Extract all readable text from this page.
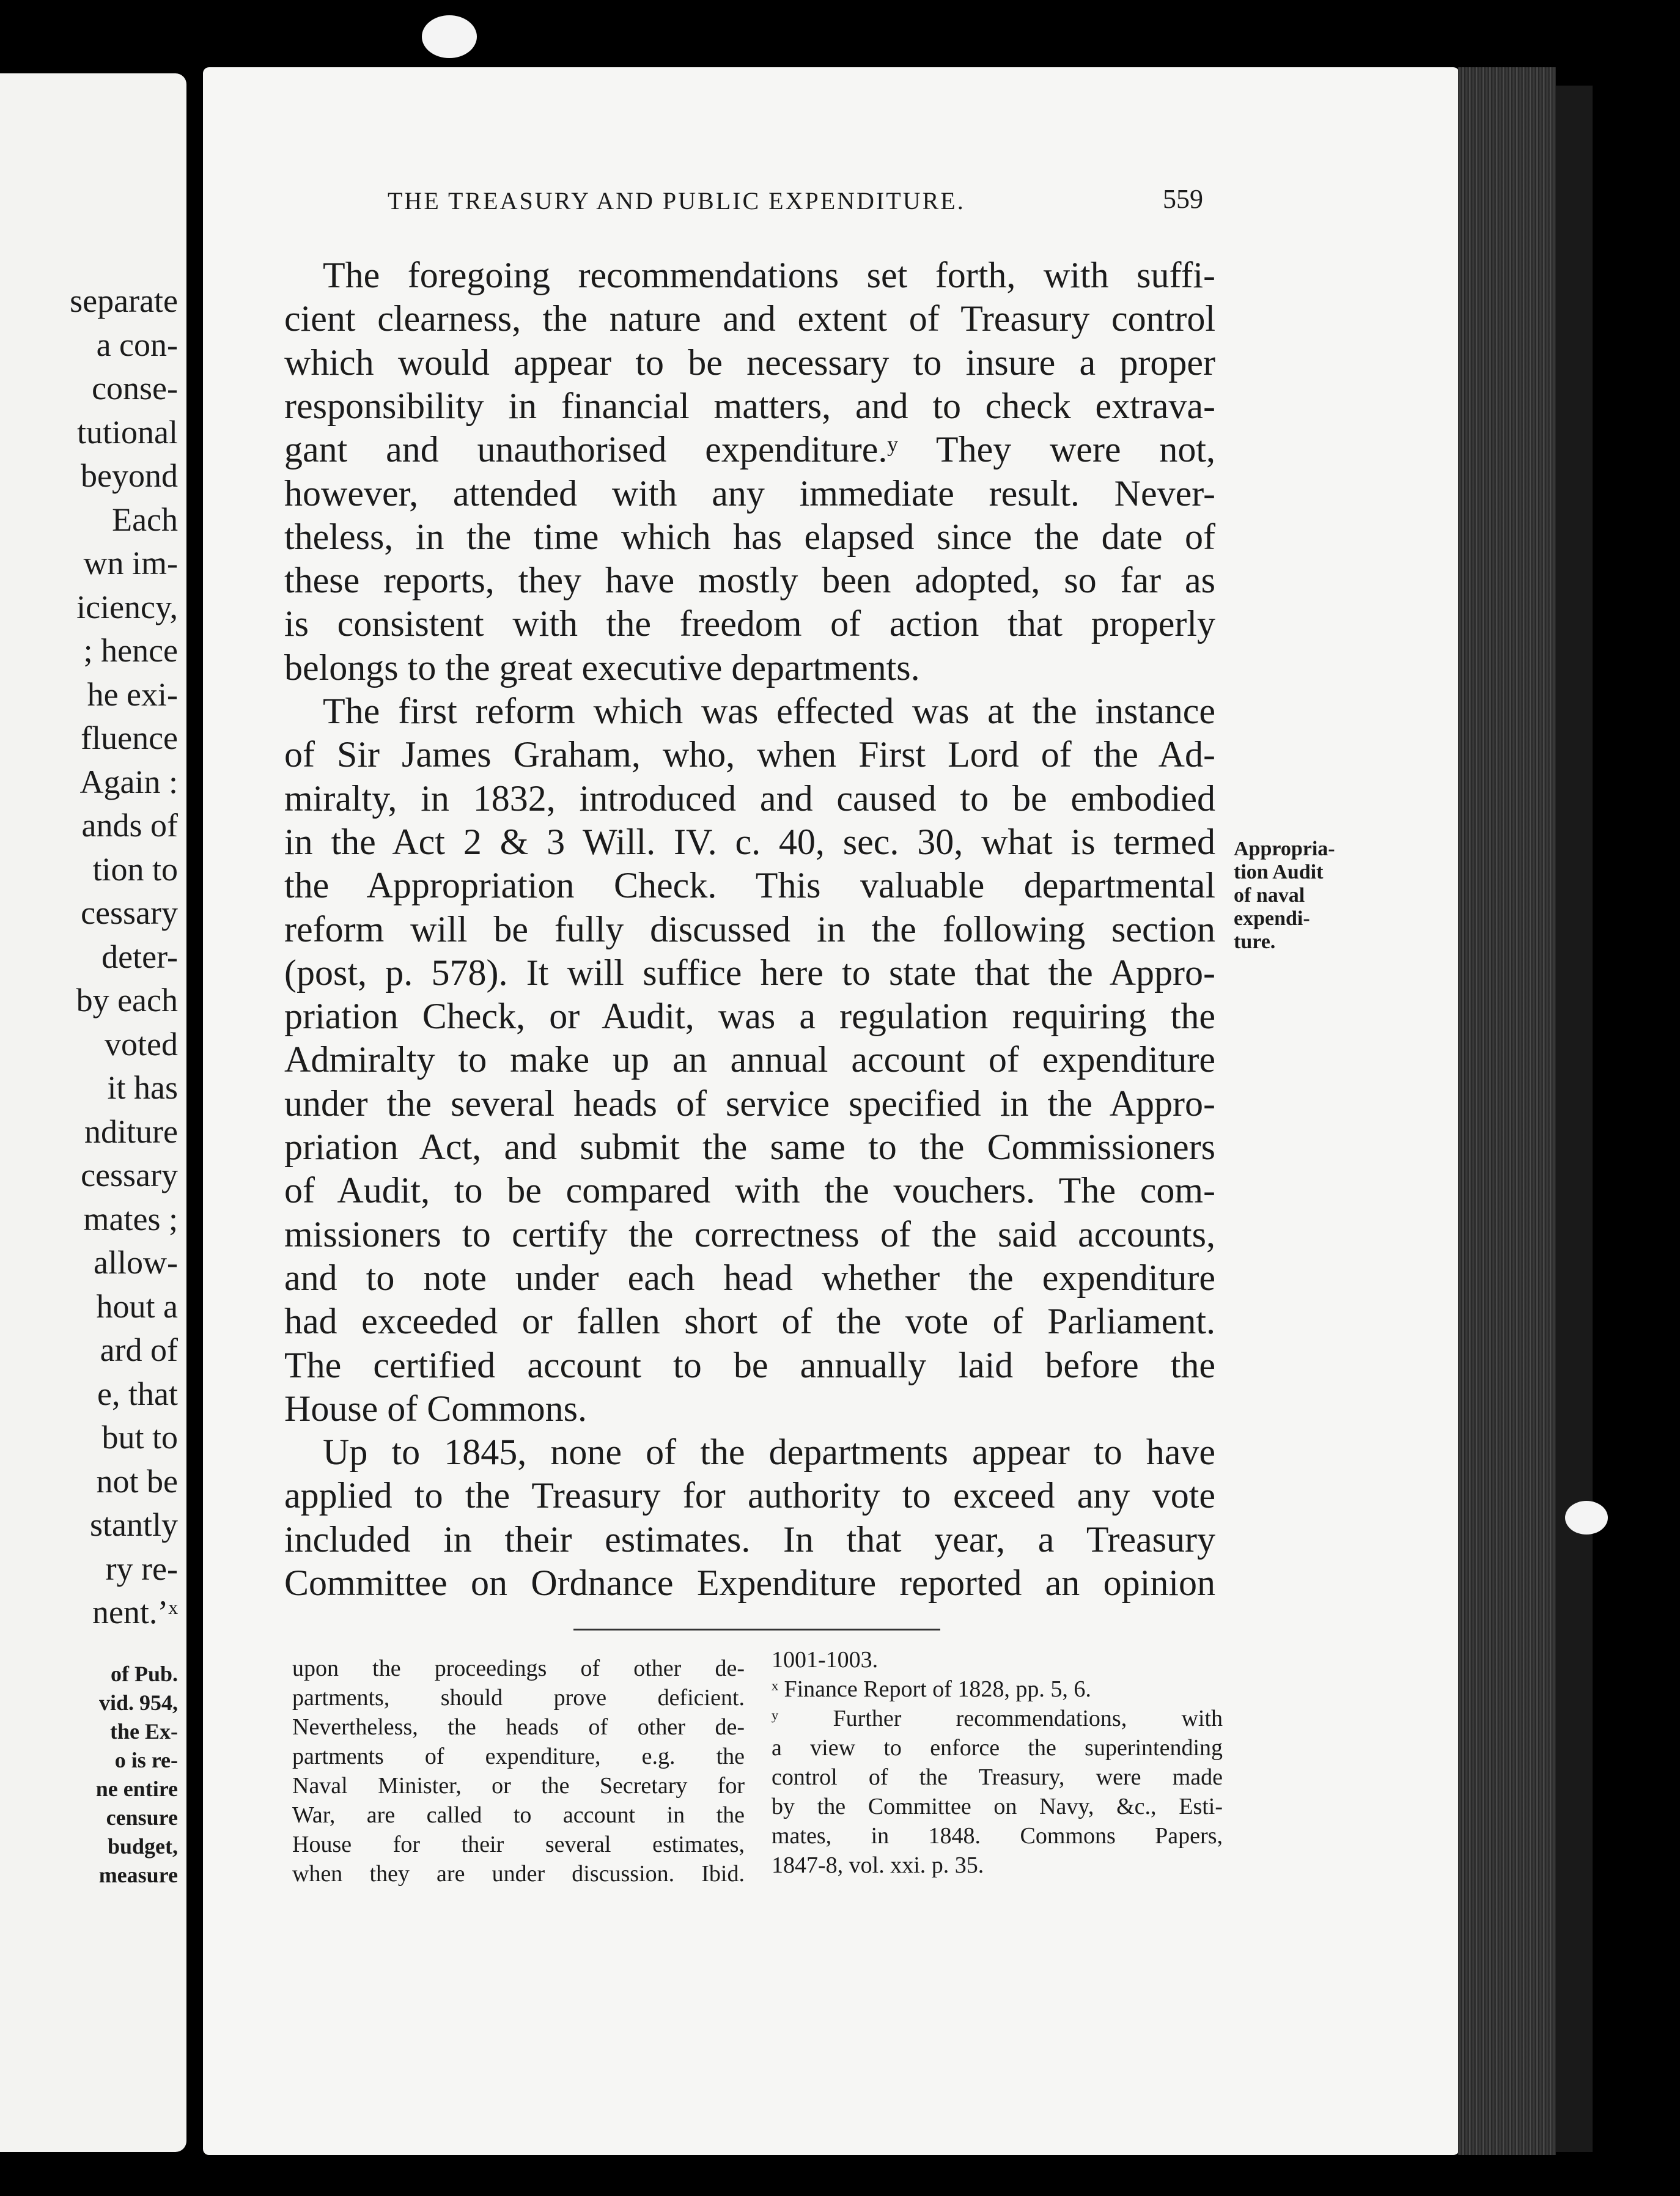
separate
a con-
conse-
tutional
beyond
Each
wn im-
iciency,
; hence
he exi-
fluence
Again :
ands of
tion to
cessary
deter-
by each
voted
it has
nditure
cessary
mates ;
allow-
hout a
ard of
e, that
but to
not be
stantly
ry re-
nent.’ˣ
of Pub.
vid. 954,
the Ex-
o is re-
ne entire
censure
budget,
measure
THE TREASURY AND PUBLIC EXPENDITURE.	559
The foregoing recommendations set forth, with suffi-
cient clearness, the nature and extent of Treasury control
which would appear to be necessary to insure a proper
responsibility in financial matters, and to check extrava-
gant and unauthorised expenditure.ʸ They were not,
however, attended with any immediate result. Never-
theless, in the time which has elapsed since the date of
these reports, they have mostly been adopted, so far as
is consistent with the freedom of action that properly
belongs to the great executive departments.
The first reform which was effected was at the instance
of Sir James Graham, who, when First Lord of the Ad-
miralty, in 1832, introduced and caused to be embodied
in the Act 2 & 3 Will. IV. c. 40, sec. 30, what is termed
the Appropriation Check. This valuable departmental
reform will be fully discussed in the following section
(post, p. 578). It will suffice here to state that the Appro-
priation Check, or Audit, was a regulation requiring the
Admiralty to make up an annual account of expenditure
under the several heads of service specified in the Appro-
priation Act, and submit the same to the Commissioners
of Audit, to be compared with the vouchers. The com-
missioners to certify the correctness of the said accounts,
and to note under each head whether the expenditure
had exceeded or fallen short of the vote of Parliament.
The certified account to be annually laid before the
House of Commons.
Up to 1845, none of the departments appear to have
applied to the Treasury for authority to exceed any vote
included in their estimates. In that year, a Treasury
Committee on Ordnance Expenditure reported an opinion
Appropria-
tion Audit
of naval
expendi-
ture.
upon the proceedings of other de-
partments, should prove deficient.
Nevertheless, the heads of other de-
partments of expenditure, e.g. the
Naval Minister, or the Secretary for
War, are called to account in the
House for their several estimates,
when they are under discussion. Ibid.
1001-1003.
ˣ Finance Report of 1828, pp. 5, 6.
ʸ Further recommendations, with
a view to enforce the superintending
control of the Treasury, were made
by the Committee on Navy, &c., Esti-
mates, in 1848. Commons Papers,
1847-8, vol. xxi. p. 35.
